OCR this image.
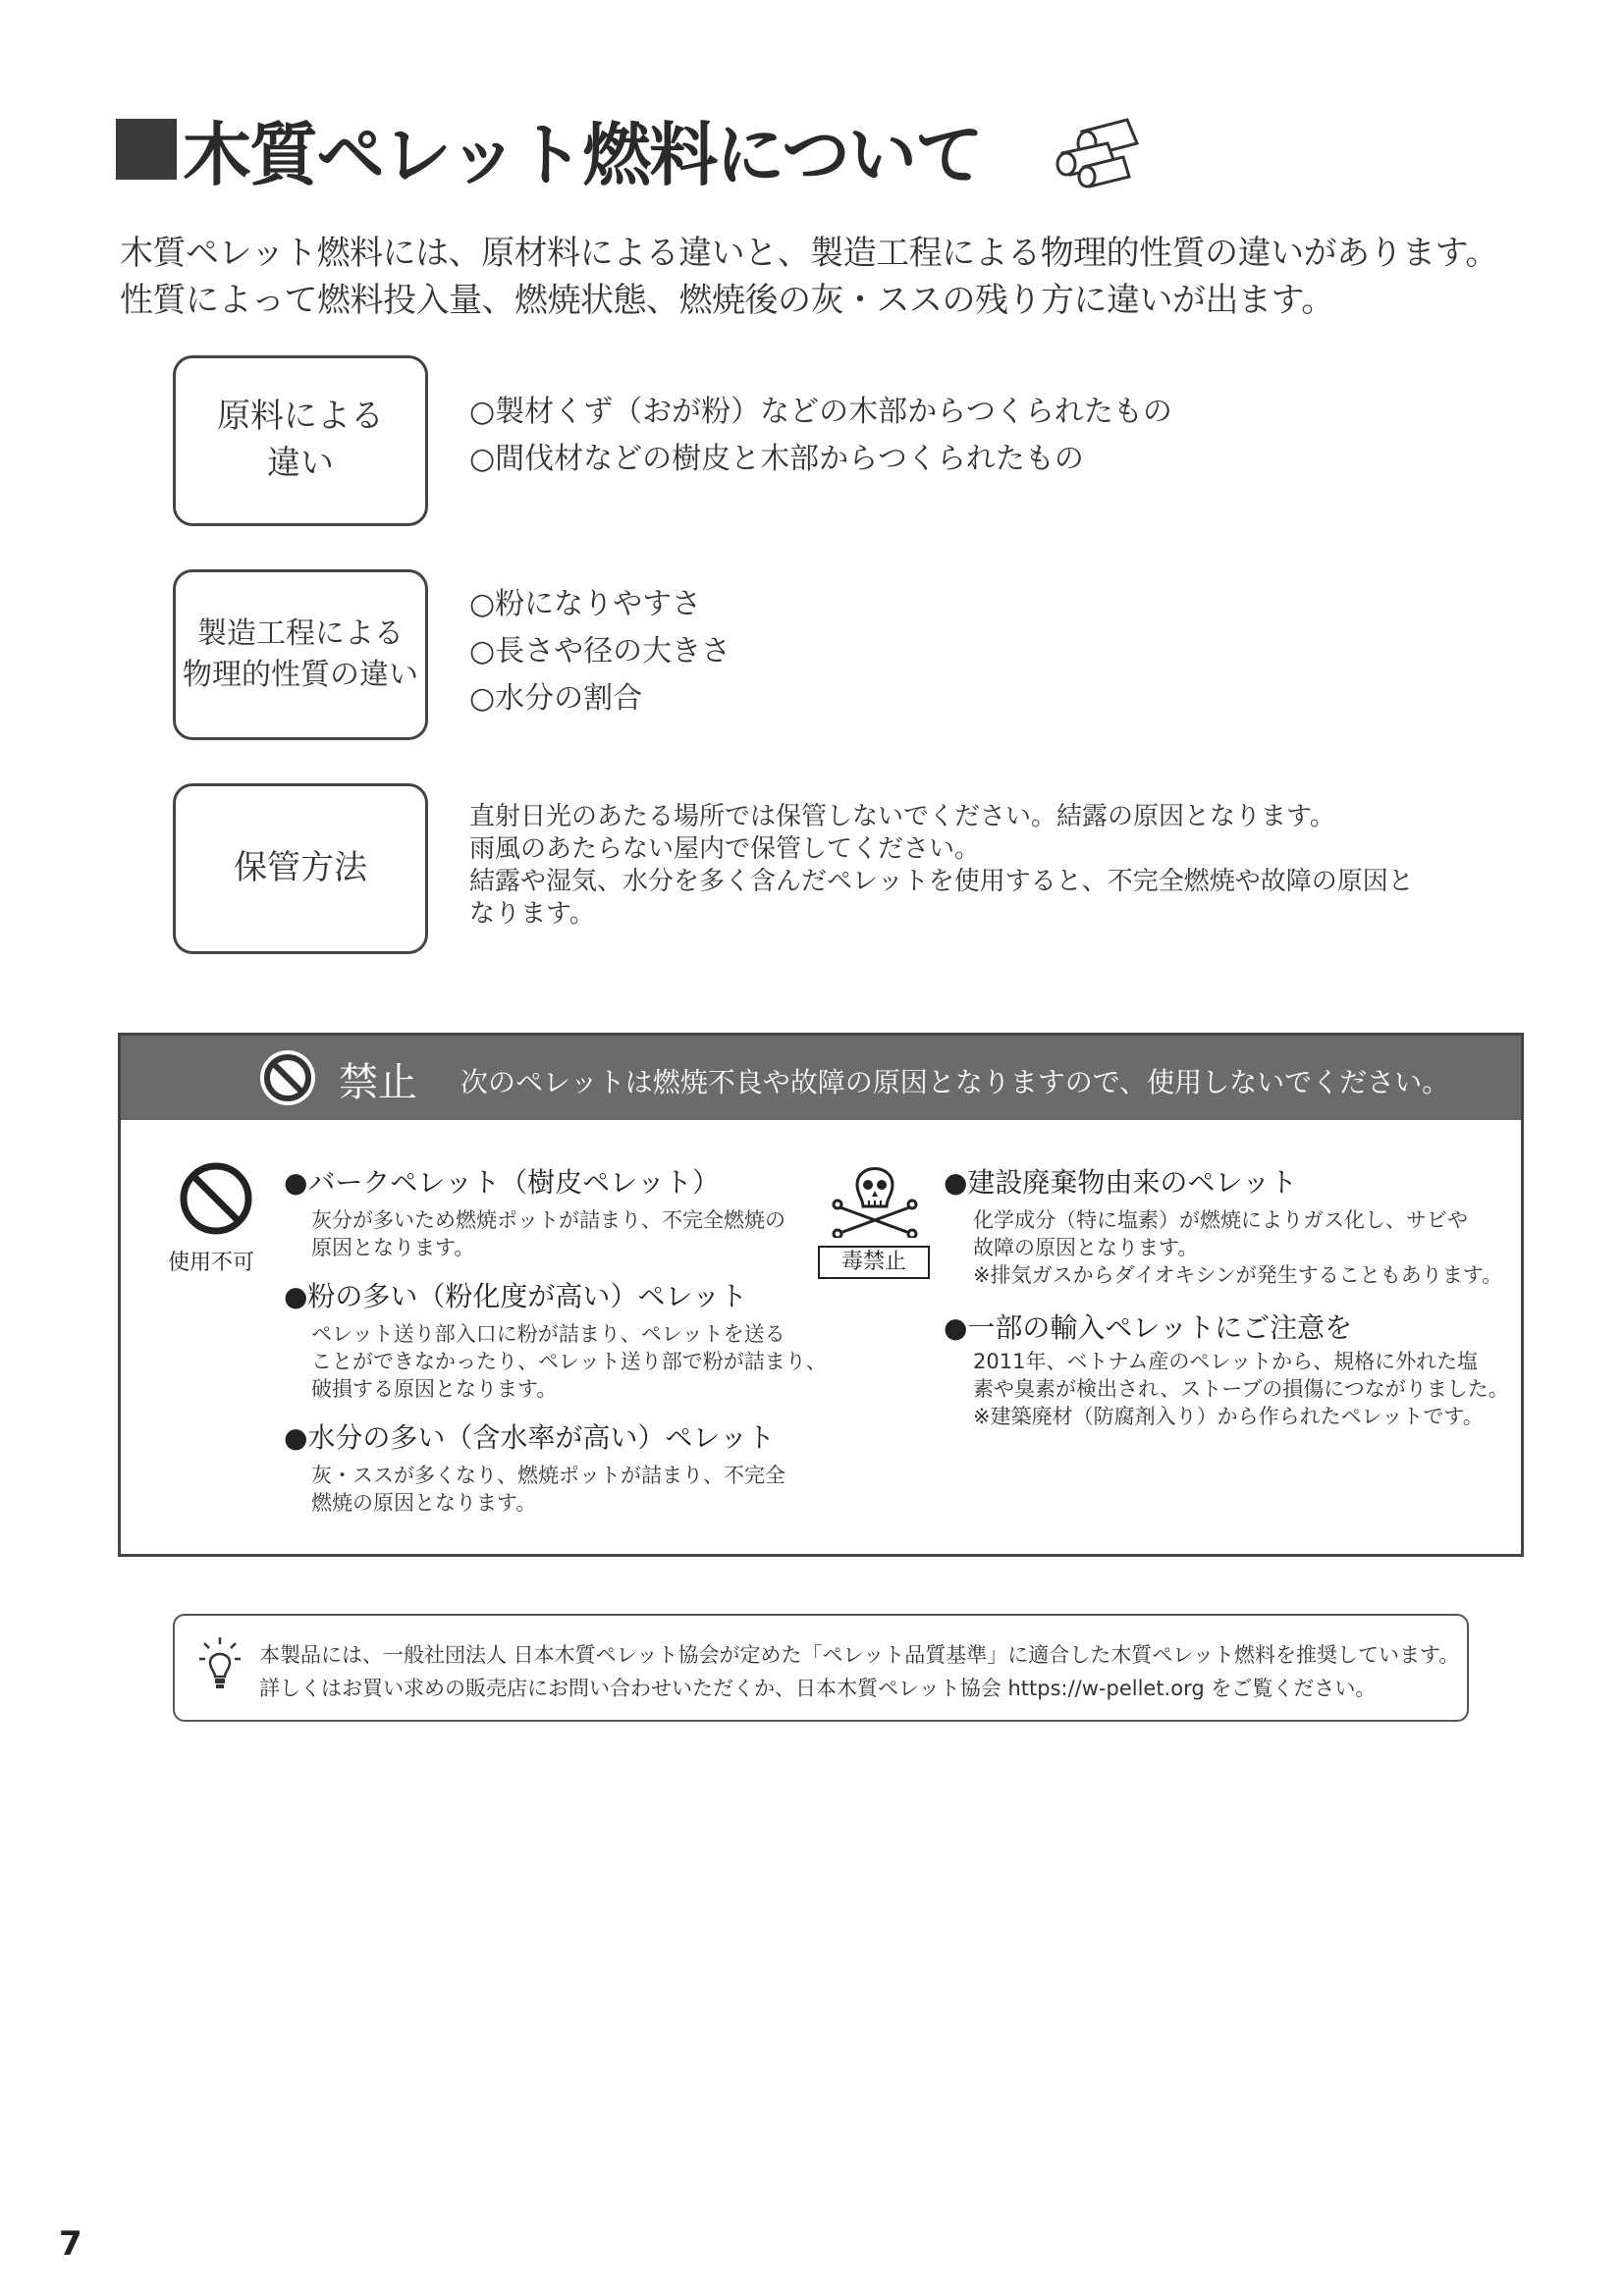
木質ペレット燃料について
木質ペレット燃料には、原材料による違いと、製造工程による物理的性質の違いがあります。
性質によって燃料投入量、燃焼状態、燃焼後の灰・ススの残り方に違いが出ます。
原料による
違い
○製材くず（おが粉）などの木部からつくられたもの
○間伐材などの樹皮と木部からつくられたもの
製造工程による
物理的性質の違い
○粉になりやすさ
○長さや径の大きさ
○水分の割合
保管方法
直射日光のあたる場所では保管しないでください。結露の原因となります。
雨風のあたらない屋内で保管してください。
結露や湿気、水分を多く含んだペレットを使用すると、不完全燃焼や故障の原因と
なります。
禁止 次のペレットは燃焼不良や故障の原因となりますので、使用しないでください。
使用不可
●バークペレット（樹皮ペレット）
灰分が多いため燃焼ポットが詰まり、不完全燃焼の
原因となります。
●粉の多い（粉化度が高い）ペレット
ペレット送り部入口に粉が詰まり、ペレットを送る
ことができなかったり、ペレット送り部で粉が詰まり、
破損する原因となります。
●水分の多い（含水率が高い）ペレット
灰・ススが多くなり、燃焼ポットが詰まり、不完全
燃焼の原因となります。
毒禁止
●建設廃棄物由来のペレット
化学成分（特に塩素）が燃焼によりガス化し、サビや
故障の原因となります。
※排気ガスからダイオキシンが発生することもあります。
●一部の輸入ペレットにご注意を
2011年、ベトナム産のペレットから、規格に外れた塩
素や臭素が検出され、ストーブの損傷につながりました。
※建築廃材（防腐剤入り）から作られたペレットです。
本製品には、一般社団法人 日本木質ペレット協会が定めた「ペレット品質基準」に適合した木質ペレット燃料を推奨しています。
詳しくはお買い求めの販売店にお問い合わせいただくか、日本木質ペレット協会 https://w-pellet.org をご覧ください。
7
